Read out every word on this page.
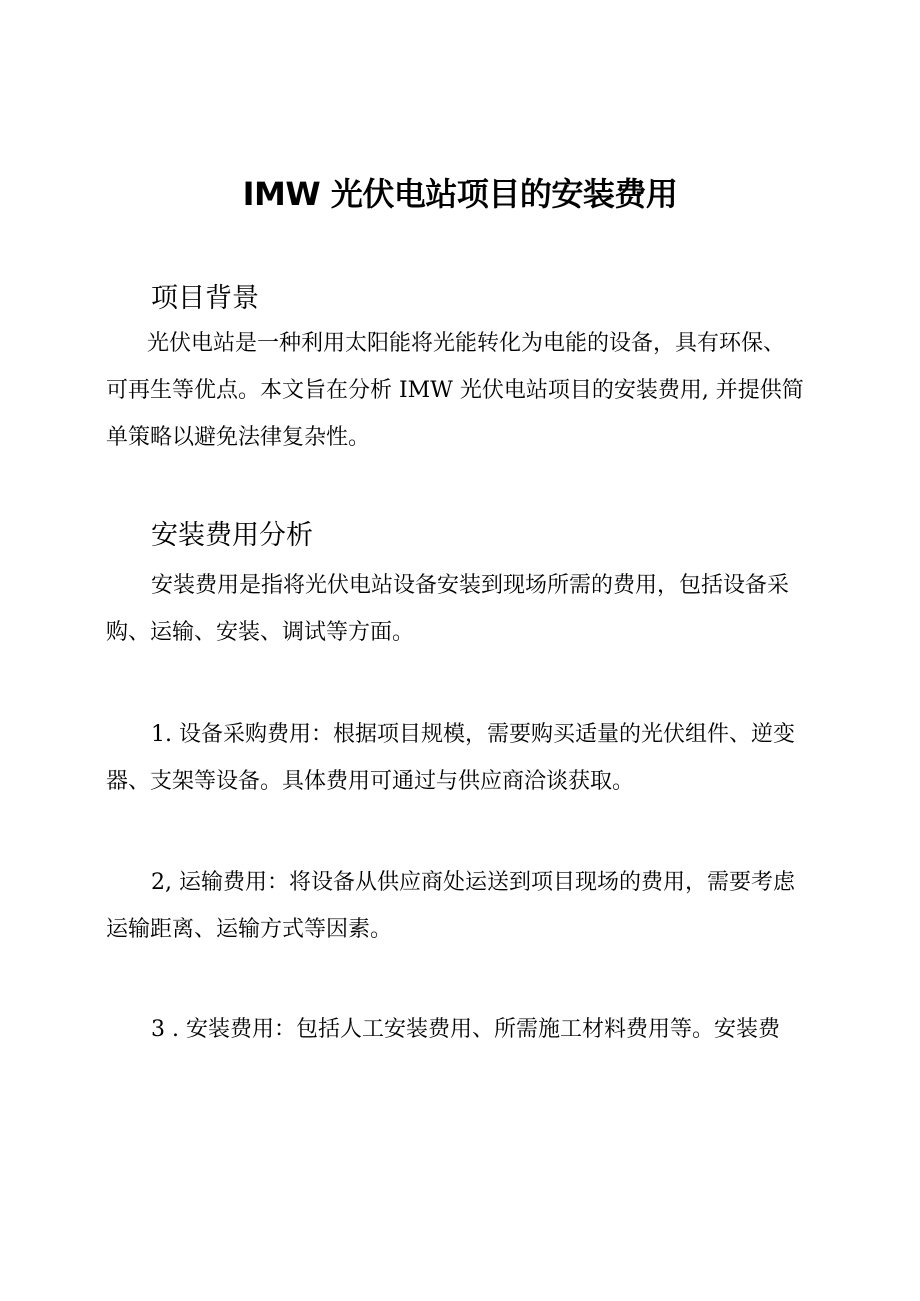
IMW 光伏电站项目的安装费用
项目背景

光伏电站是一种利用太阳能将光能转化为电能的设备，具有环保、
可再生等优点。本文旨在分析 IMW 光伏电站项目的安装费用, 并提供简
单策略以避免法律复杂性。

安装费用分析

安装费用是指将光伏电站设备安装到现场所需的费用，包括设备采
购、运输、安装、调试等方面。

1. 设备采购费用：根据项目规模，需要购买适量的光伏组件、逆变
器、支架等设备。具体费用可通过与供应商洽谈获取。

2, 运输费用：将设备从供应商处运送到项目现场的费用，需要考虑
运输距离、运输方式等因素。

3 . 安装费用：包括人工安装费用、所需施工材料费用等。安装费
